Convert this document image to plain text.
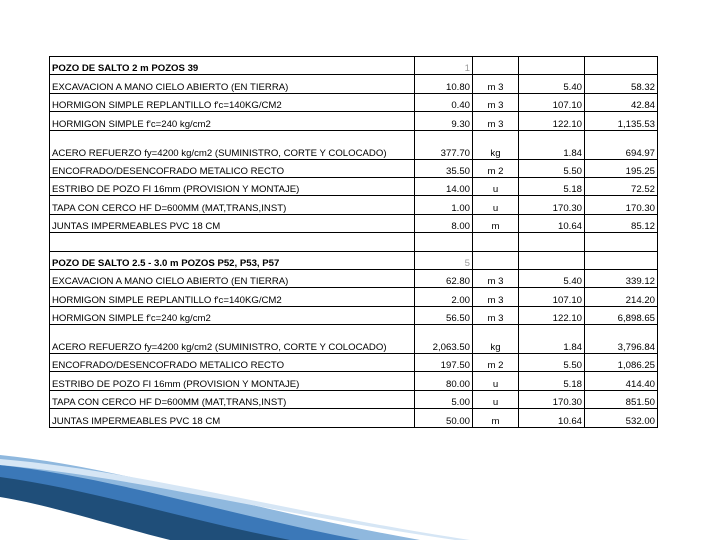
POZO DE SALTO 2 m POZOS 39	1			
EXCAVACION A MANO CIELO ABIERTO (EN TIERRA)	10.80	m 3	5.40	58.32
HORMIGON SIMPLE REPLANTILLO f'c=140KG/CM2	0.40	m 3	107.10	42.84
HORMIGON SIMPLE f'c=240 kg/cm2	9.30	m 3	122.10	1,135.53
ACERO REFUERZO fy=4200 kg/cm2 (SUMINISTRO, CORTE Y COLOCADO)	377.70	kg	1.84	694.97
ENCOFRADO/DESENCOFRADO METALICO RECTO	35.50	m 2	5.50	195.25
ESTRIBO DE POZO FI 16mm (PROVISION Y MONTAJE)	14.00	u	5.18	72.52
TAPA CON CERCO HF D=600MM (MAT,TRANS,INST)	1.00	u	170.30	170.30
JUNTAS IMPERMEABLES PVC 18 CM	8.00	m	10.64	85.12

POZO DE SALTO 2.5 - 3.0 m POZOS P52, P53, P57	5			
EXCAVACION A MANO CIELO ABIERTO (EN TIERRA)	62.80	m 3	5.40	339.12
HORMIGON SIMPLE REPLANTILLO f'c=140KG/CM2	2.00	m 3	107.10	214.20
HORMIGON SIMPLE f'c=240 kg/cm2	56.50	m 3	122.10	6,898.65
ACERO REFUERZO fy=4200 kg/cm2 (SUMINISTRO, CORTE Y COLOCADO)	2,063.50	kg	1.84	3,796.84
ENCOFRADO/DESENCOFRADO METALICO RECTO	197.50	m 2	5.50	1,086.25
ESTRIBO DE POZO FI 16mm (PROVISION Y MONTAJE)	80.00	u	5.18	414.40
TAPA CON CERCO HF D=600MM (MAT,TRANS,INST)	5.00	u	170.30	851.50
JUNTAS IMPERMEABLES PVC 18 CM	50.00	m	10.64	532.00
